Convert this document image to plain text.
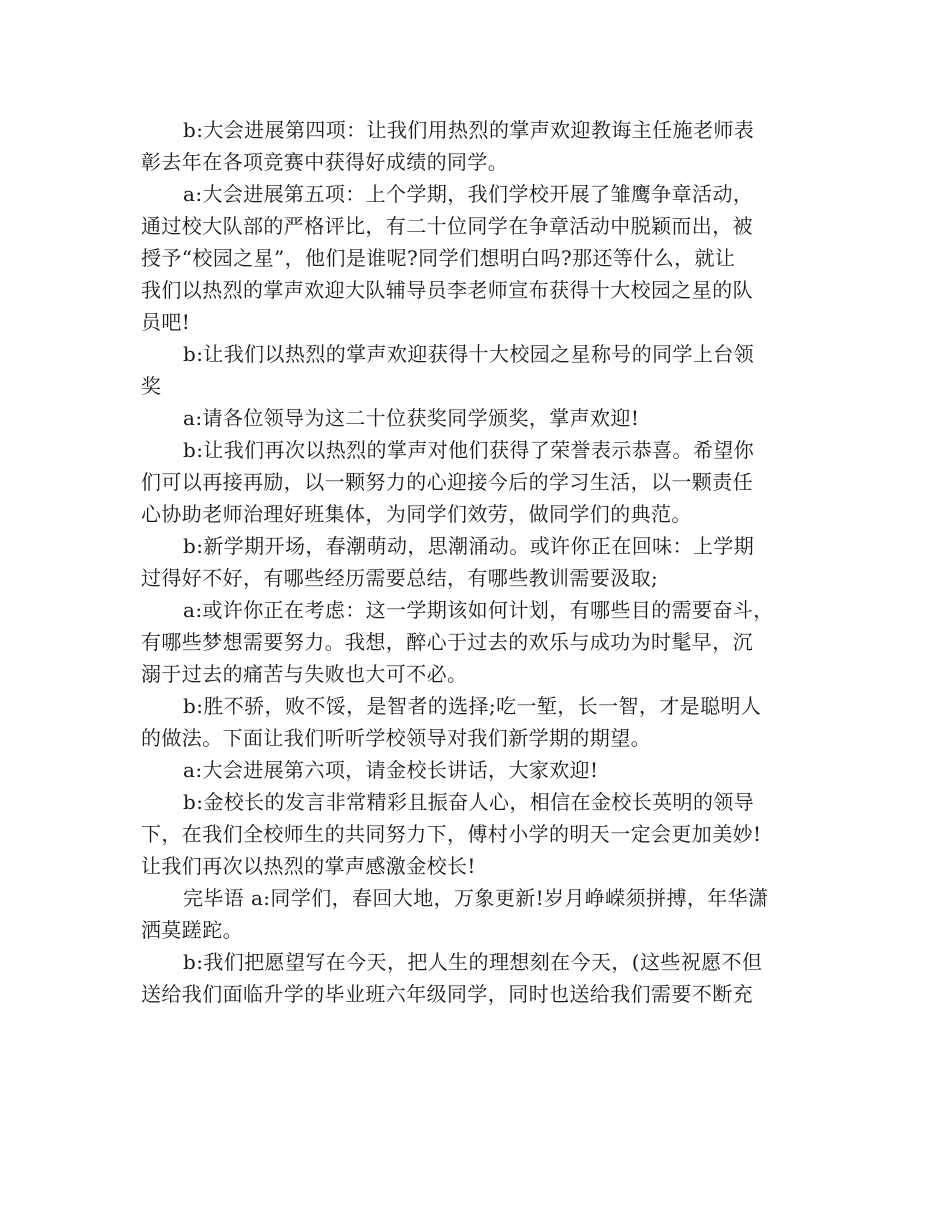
b:大会进展第四项：让我们用热烈的掌声欢迎教诲主任施老师表
彰去年在各项竞赛中获得好成绩的同学。

a:大会进展第五项：上个学期，我们学校开展了雏鹰争章活动，
通过校大队部的严格评比，有二十位同学在争章活动中脱颖而出，被
授予“校园之星”，他们是谁呢?同学们想明白吗?那还等什么，就让
我们以热烈的掌声欢迎大队辅导员李老师宣布获得十大校园之星的队
员吧!

b:让我们以热烈的掌声欢迎获得十大校园之星称号的同学上台领
奖

a:请各位领导为这二十位获奖同学颁奖，掌声欢迎!

b:让我们再次以热烈的掌声对他们获得了荣誉表示恭喜。希望你
们可以再接再励，以一颗努力的心迎接今后的学习生活，以一颗责任
心协助老师治理好班集体，为同学们效劳，做同学们的典范。

b:新学期开场，春潮萌动，思潮涌动。或许你正在回味：上学期
过得好不好，有哪些经历需要总结，有哪些教训需要汲取;

a:或许你正在考虑：这一学期该如何计划，有哪些目的需要奋斗，
有哪些梦想需要努力。我想，醉心于过去的欢乐与成功为时髦早，沉
溺于过去的痛苦与失败也大可不必。

b:胜不骄，败不馁，是智者的选择;吃一堑，长一智，才是聪明人
的做法。下面让我们听听学校领导对我们新学期的期望。

a:大会进展第六项，请金校长讲话，大家欢迎!

b:金校长的发言非常精彩且振奋人心，相信在金校长英明的领导
下，在我们全校师生的共同努力下，傅村小学的明天一定会更加美妙!
让我们再次以热烈的掌声感激金校长!

完毕语 a:同学们，春回大地，万象更新!岁月峥嵘须拼搏，年华潇
洒莫蹉跎。

b:我们把愿望写在今天，把人生的理想刻在今天，(这些祝愿不但
送给我们面临升学的毕业班六年级同学，同时也送给我们需要不断充
